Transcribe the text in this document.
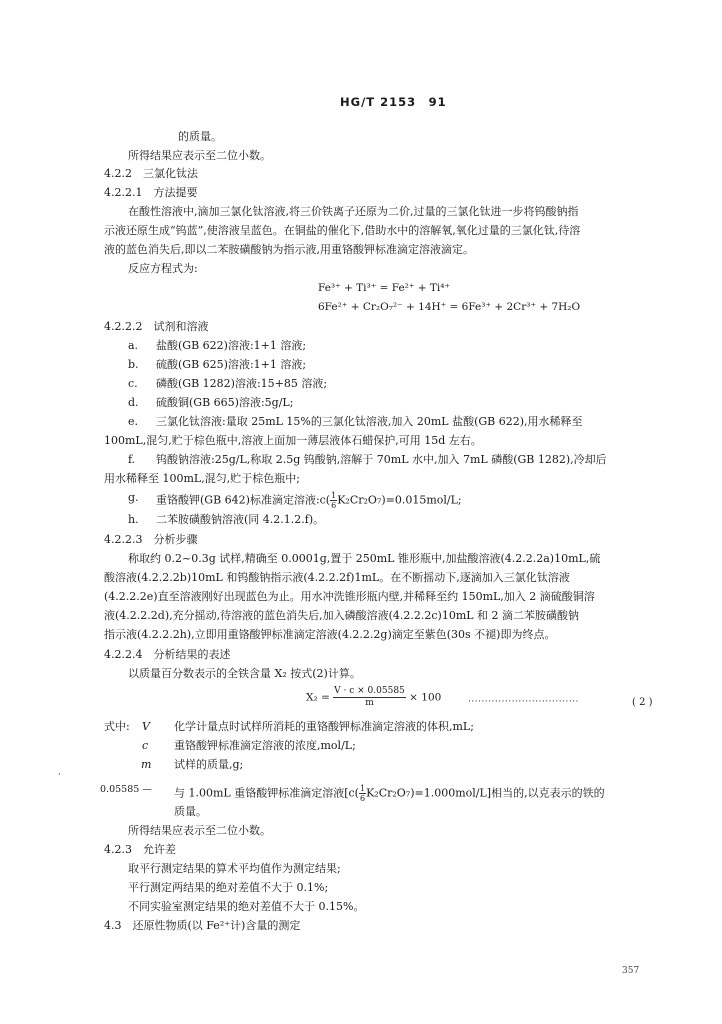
HG/T 2153　91
的质量。
所得结果应表示至二位小数。
4.2.2　三氯化钛法
4.2.2.1　方法提要
在酸性溶液中,滴加三氯化钛溶液,将三价铁离子还原为二价,过量的三氯化钛进一步将钨酸钠指
示液还原生成“钨蓝”,使溶液呈蓝色。在铜盐的催化下,借助水中的溶解氧,氧化过量的三氯化钛,待溶
液的蓝色消失后,即以二苯胺磺酸钠为指示液,用重铬酸钾标准滴定溶液滴定。
反应方程式为:
Fe³⁺ + Ti³⁺ = Fe²⁺ + Ti⁴⁺
6Fe²⁺ + Cr₂O₇²⁻ + 14H⁺ = 6Fe³⁺ + 2Cr³⁺ + 7H₂O
4.2.2.2　试剂和溶液
a. 盐酸(GB 622)溶液:1+1 溶液;
b. 硫酸(GB 625)溶液:1+1 溶液;
c. 磷酸(GB 1282)溶液:15+85 溶液;
d. 硫酸铜(GB 665)溶液:5g/L;
e. 三氯化钛溶液:量取 25mL 15%的三氯化钛溶液,加入 20mL 盐酸(GB 622),用水稀释至
100mL,混匀,贮于棕色瓶中,溶液上面加一薄层液体石蜡保护,可用 15d 左右。
f. 钨酸钠溶液:25g/L,称取 2.5g 钨酸钠,溶解于 70mL 水中,加入 7mL 磷酸(GB 1282),冷却后
用水稀释至 100mL,混匀,贮于棕色瓶中;
g. 重铬酸钾(GB 642)标准滴定溶液:c( $\frac{1}{6} K_2Cr_2O_7)=0.015mol/L$;
h. 二苯胺磺酸钠溶液(同 4.2.1.2.f)。
4.2.2.3　分析步骤
称取约 0.2~0.3g 试样,精确至 0.0001g,置于 250mL 锥形瓶中,加盐酸溶液(4.2.2.2a)10mL,硫
酸溶液(4.2.2.2b)10mL 和钨酸钠指示液(4.2.2.2f)1mL。在不断摇动下,逐滴加入三氯化钛溶液
(4.2.2.2e)直至溶液刚好出现蓝色为止。用水冲洗锥形瓶内壁,并稀释至约 150mL,加入 2 滴硫酸铜溶
液(4.2.2.2d),充分摇动,待溶液的蓝色消失后,加入磷酸溶液(4.2.2.2c)10mL 和 2 滴二苯胺磺酸钠
指示液(4.2.2.2h),立即用重铬酸钾标准滴定溶液(4.2.2.2g)滴定至紫色(30s 不褪)即为终点。
4.2.2.4　分析结果的表述
以质量百分数表示的全铁含量 X₂ 按式(2)计算。
$X_2 = \frac{V \cdot c \times 0.05585}{m} \times 100$	·································	( 2 )
式中: V 化学计量点时试样所消耗的重铬酸钾标准滴定溶液的体积,mL;
c 重铬酸钾标准滴定溶液的浓度,mol/L;
m 试样的质量,g;
·
0.05585 — 与 1.00mL 重铬酸钾标准滴定溶液$[c( \frac{1}{6} K_2Cr_2O_7)=1.000mol/L]$相当的,以克表示的铁的
质量。
所得结果应表示至二位小数。
4.2.3　允许差
取平行测定结果的算术平均值作为测定结果;
平行测定两结果的绝对差值不大于 0.1%;
不同实验室测定结果的绝对差值不大于 0.15%。
4.3　还原性物质(以 Fe²⁺计)含量的测定
357
